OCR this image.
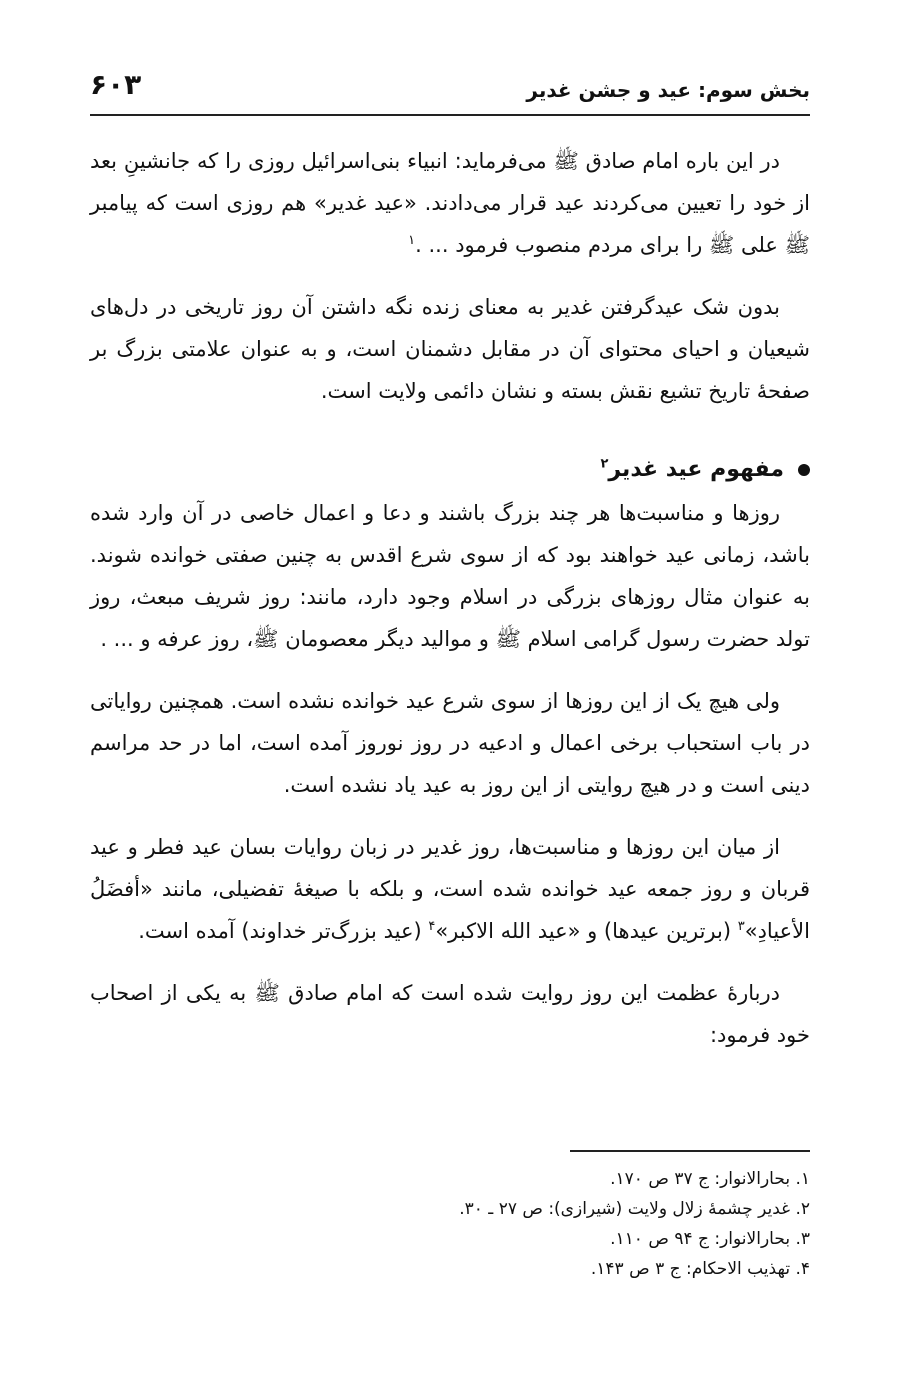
بخش سوم: عید و جشن غدیر
۶۰۳

در این باره امام صادق ﷺ می‌فرماید: انبیاء بنی‌اسرائیل روزی را که جانشینِ بعد از خود را تعیین می‌کردند عید قرار می‌دادند. «عید غدیر» هم روزی است که پیامبر ﷺ علی ﷺ را برای مردم منصوب فرمود ... .$^۱$

بدون شک عیدگرفتن غدیر به معنای زنده نگه داشتن آن روز تاریخی در دل‌های شیعیان و احیای محتوای آن در مقابل دشمنان است، و به عنوان علامتی بزرگ بر صفحهٔ تاریخ تشیع نقش بسته و نشان دائمی ولایت است.

مفهوم عید غدیر$^۲$

روزها و مناسبت‌ها هر چند بزرگ باشند و دعا و اعمال خاصی در آن وارد شده باشد، زمانی عید خواهند بود که از سوی شرع اقدس به چنین صفتی خوانده شوند. به عنوان مثال روزهای بزرگی در اسلام وجود دارد، مانند: روز شریف مبعث، روز تولد حضرت رسول گرامی اسلام ﷺ و موالید دیگر معصومان ﷺ، روز عرفه و ... .

ولی هیچ یک از این روزها از سوی شرع عید خوانده نشده است. همچنین روایاتی در باب استحباب برخی اعمال و ادعیه در روز نوروز آمده است، اما در حد مراسم دینی است و در هیچ روایتی از این روز به عید یاد نشده است.

از میان این روزها و مناسبت‌ها، روز غدیر در زبان روایات بسان عید فطر و عید قربان و روز جمعه عید خوانده شده است، و بلکه با صیغهٔ تفضیلی، مانند «أفضَلُ الأعیادِ»$^۳$ (برترین عیدها) و «عید الله الاکبر»$^۴$ (عید بزرگ‌تر خداوند) آمده است.

دربارهٔ عظمت این روز روایت شده است که امام صادق ﷺ به یکی از اصحاب خود فرمود:

۱. بحارالانوار: ج ۳۷ ص ۱۷۰.
۲. غدیر چشمهٔ زلال ولایت (شیرازی): ص ۲۷ ـ ۳۰.
۳. بحارالانوار: ج ۹۴ ص ۱۱۰.
۴. تهذیب الاحکام: ج ۳ ص ۱۴۳.
